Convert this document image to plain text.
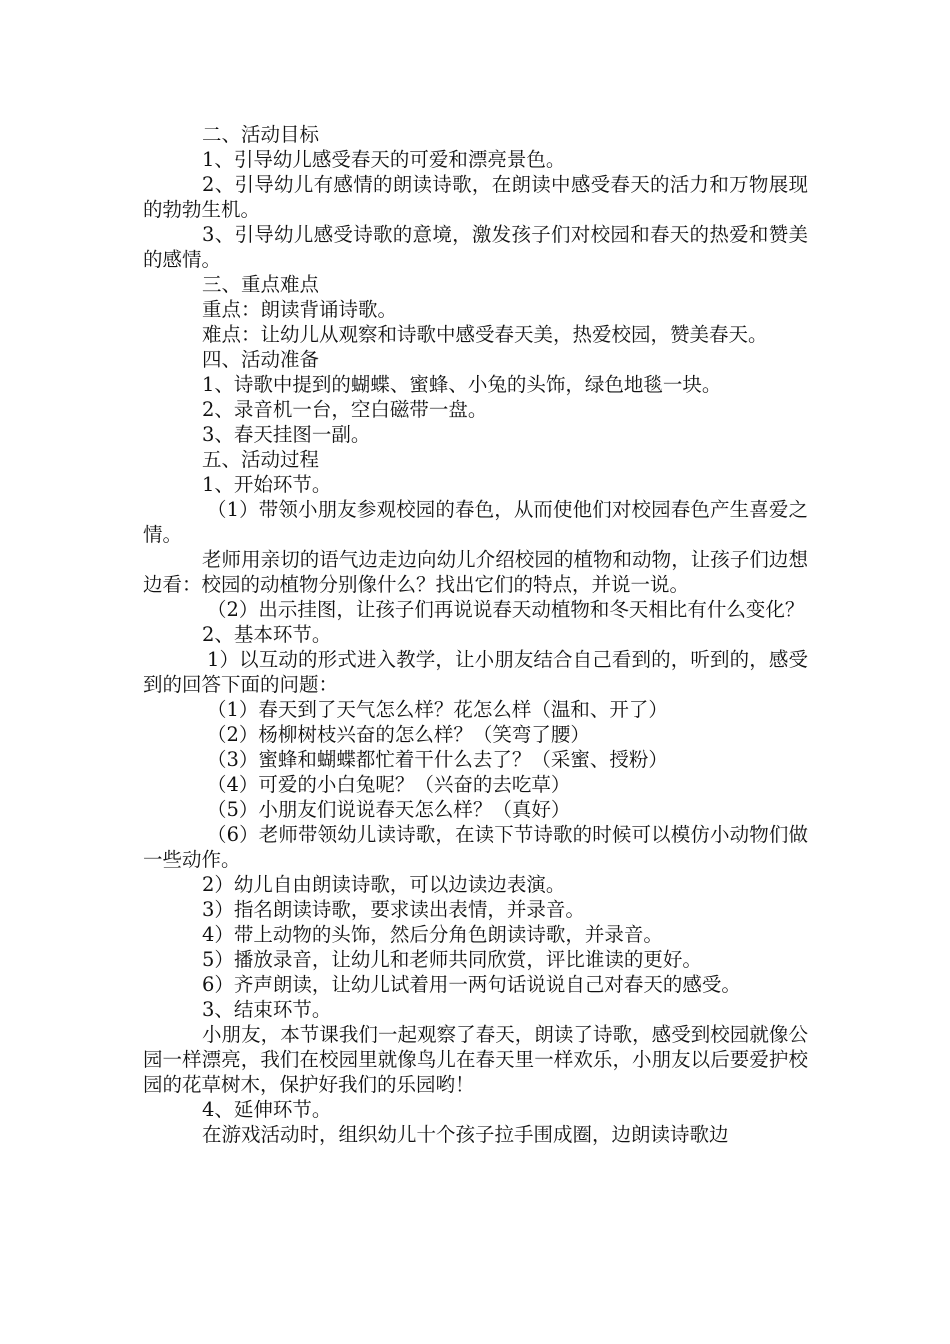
二、活动目标

1、引导幼儿感受春天的可爱和漂亮景色。

2、引导幼儿有感情的朗读诗歌，在朗读中感受春天的活力和万物展现的勃勃生机。

3、引导幼儿感受诗歌的意境，激发孩子们对校园和春天的热爱和赞美的感情。

三、重点难点

重点：朗读背诵诗歌。

难点：让幼儿从观察和诗歌中感受春天美，热爱校园，赞美春天。

四、活动准备

1、诗歌中提到的蝴蝶、蜜蜂、小兔的头饰，绿色地毯一块。

2、录音机一台，空白磁带一盘。

3、春天挂图一副。

五、活动过程

1、开始环节。

（1）带领小朋友参观校园的春色，从而使他们对校园春色产生喜爱之情。

老师用亲切的语气边走边向幼儿介绍校园的植物和动物，让孩子们边想边看：校园的动植物分别像什么？找出它们的特点，并说一说。

（2）出示挂图，让孩子们再说说春天动植物和冬天相比有什么变化？

2、基本环节。

1）以互动的形式进入教学，让小朋友结合自己看到的，听到的，感受到的回答下面的问题：

（1）春天到了天气怎么样？花怎么样（温和、开了）

（2）杨柳树枝兴奋的怎么样？（笑弯了腰）

（3）蜜蜂和蝴蝶都忙着干什么去了？（采蜜、授粉）

（4）可爱的小白兔呢？（兴奋的去吃草）

（5）小朋友们说说春天怎么样？（真好）

（6）老师带领幼儿读诗歌，在读下节诗歌的时候可以模仿小动物们做一些动作。

2）幼儿自由朗读诗歌，可以边读边表演。

3）指名朗读诗歌，要求读出表情，并录音。

4）带上动物的头饰，然后分角色朗读诗歌，并录音。

5）播放录音，让幼儿和老师共同欣赏，评比谁读的更好。

6）齐声朗读，让幼儿试着用一两句话说说自己对春天的感受。

3、结束环节。

小朋友，本节课我们一起观察了春天，朗读了诗歌，感受到校园就像公园一样漂亮，我们在校园里就像鸟儿在春天里一样欢乐，小朋友以后要爱护校园的花草树木，保护好我们的乐园哟！

4、延伸环节。

在游戏活动时，组织幼儿十个孩子拉手围成圈，边朗读诗歌边
